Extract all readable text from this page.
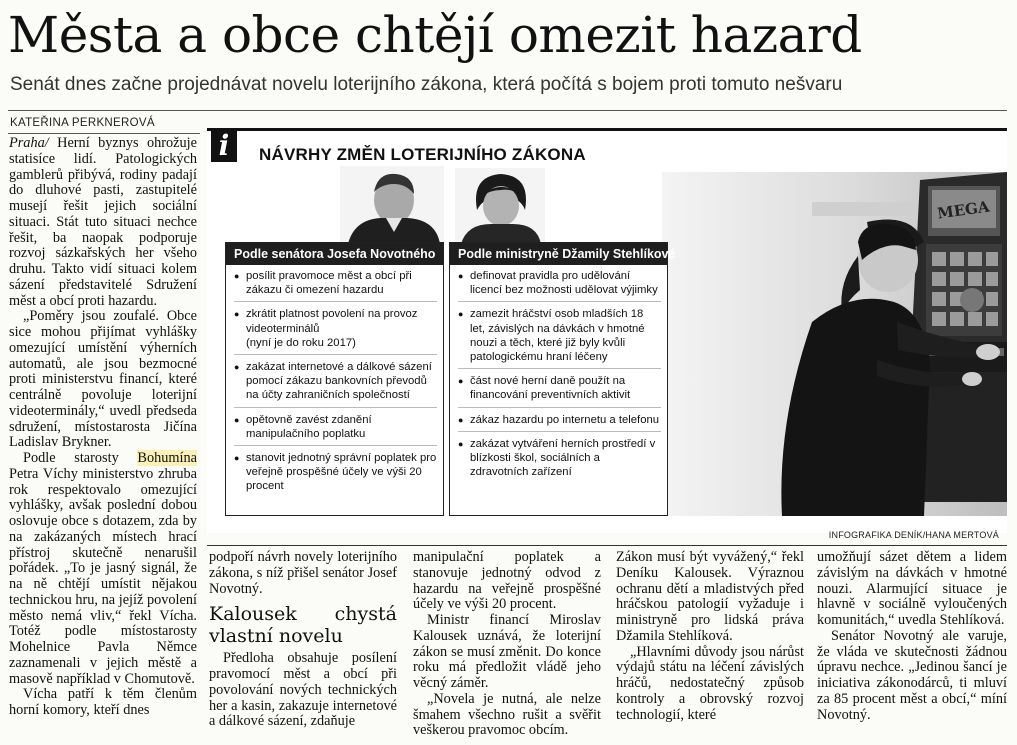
Města a obce chtějí omezit hazard
Senát dnes začne projednávat novelu loterijního zákona, která počítá s bojem proti tomuto nešvaru
KATEŘINA PERKNEROVÁ

Praha/ Herní byznys ohrožuje statisíce lidí. Patologických gamblerů přibývá, rodiny padají do dluhové pasti, zastupitelé musejí řešit jejich sociální situaci. Stát tuto situaci nechce řešit, ba naopak podporuje rozvoj sázkařských her všeho druhu. Takto vidí situaci kolem sázení představitelé Sdružení měst a obcí proti hazardu.

„Poměry jsou zoufalé. Obce sice mohou přijímat vyhlášky omezující umístění výherních automatů, ale jsou bezmocné proti ministerstvu financí, které centrálně povoluje loterijní videoterminály,“ uvedl předseda sdružení, místostarosta Jičína Ladislav Brykner.

Podle starosty Bohumína Petra Víchy ministerstvo zhruba rok respektovalo omezující vyhlášky, avšak poslední dobou oslovuje obce s dotazem, zda by na zakázaných místech hrací přístroj skutečně nenarušil pořádek. „To je jasný signál, že na ně chtějí umístit nějakou technickou hru, na jejíž povolení město nemá vliv,“ řekl Vícha. Totéž podle místostarosty Mohelnice Pavla Němce zaznamenali v jejich městě a masově například v Chomutově.

Vícha patří k těm členům horní komory, kteří dnes

MEGA
i	NÁVRHY ZMĚN LOTERIJNÍHO ZÁKONA
Podle senátora Josefa Novotného
● posílit pravomoce měst a obcí při zákazu či omezení hazardu
● zkrátit platnost povolení na provoz videoterminálů
(nyní je do roku 2017)
● zakázat internetové a dálkové sázení pomocí zákazu bankovních převodů na účty zahraničních společností
● opětovně zavést zdanění manipulačního poplatku
● stanovit jednotný správní poplatek pro veřejně prospěšné účely ve výši 20 procent
Podle ministryně Džamily Stehlíkové
● definovat pravidla pro udělování licencí bez možnosti udělovat výjimky
● zamezit hráčství osob mladších 18 let, závislých na dávkách v hmotné nouzi a těch, které již byly kvůli patologickému hraní léčeny
● část nové herní daně použít na financování preventivních aktivit
● zákaz hazardu po internetu a telefonu
● zakázat vytváření herních prostředí v blízkosti škol, sociálních a zdravotních zařízení
INFOGRAFIKA DENÍK/HANA MERTOVÁ

podpoří návrh novely loterijního zákona, s níž přišel senátor Josef Novotný.

Kalousek chystá vlastní novelu

Předloha obsahuje posílení pravomocí měst a obcí při povolování nových technických her a kasin, zakazuje internetové a dálkové sázení, zdaňuje

manipulační poplatek a stanovuje jednotný odvod z hazardu na veřejně prospěšné účely ve výši 20 procent.

Ministr financí Miroslav Kalousek uznává, že loterijní zákon se musí změnit. Do konce roku má předložit vládě jeho věcný záměr.

„Novela je nutná, ale nelze šmahem všechno rušit a svěřit veškerou pravomoc obcím.

Zákon musí být vyvážený,“ řekl Deníku Kalousek. Výraznou ochranu dětí a mladistvých před hráčskou patologií vyžaduje i ministryně pro lidská práva Džamila Stehlíková.

„Hlavními důvody jsou nárůst výdajů státu na léčení závislých hráčů, nedostatečný způsob kontroly a obrovský rozvoj technologií, které

umožňují sázet dětem a lidem závislým na dávkách v hmotné nouzi. Alarmující situace je hlavně v sociálně vyloučených komunitách,“ uvedla Stehlíková.

Senátor Novotný ale varuje, že vláda ve skutečnosti žádnou úpravu nechce. „Jedinou šancí je iniciativa zákonodárců, ti mluví za 85 procent měst a obcí,“ míní Novotný.
